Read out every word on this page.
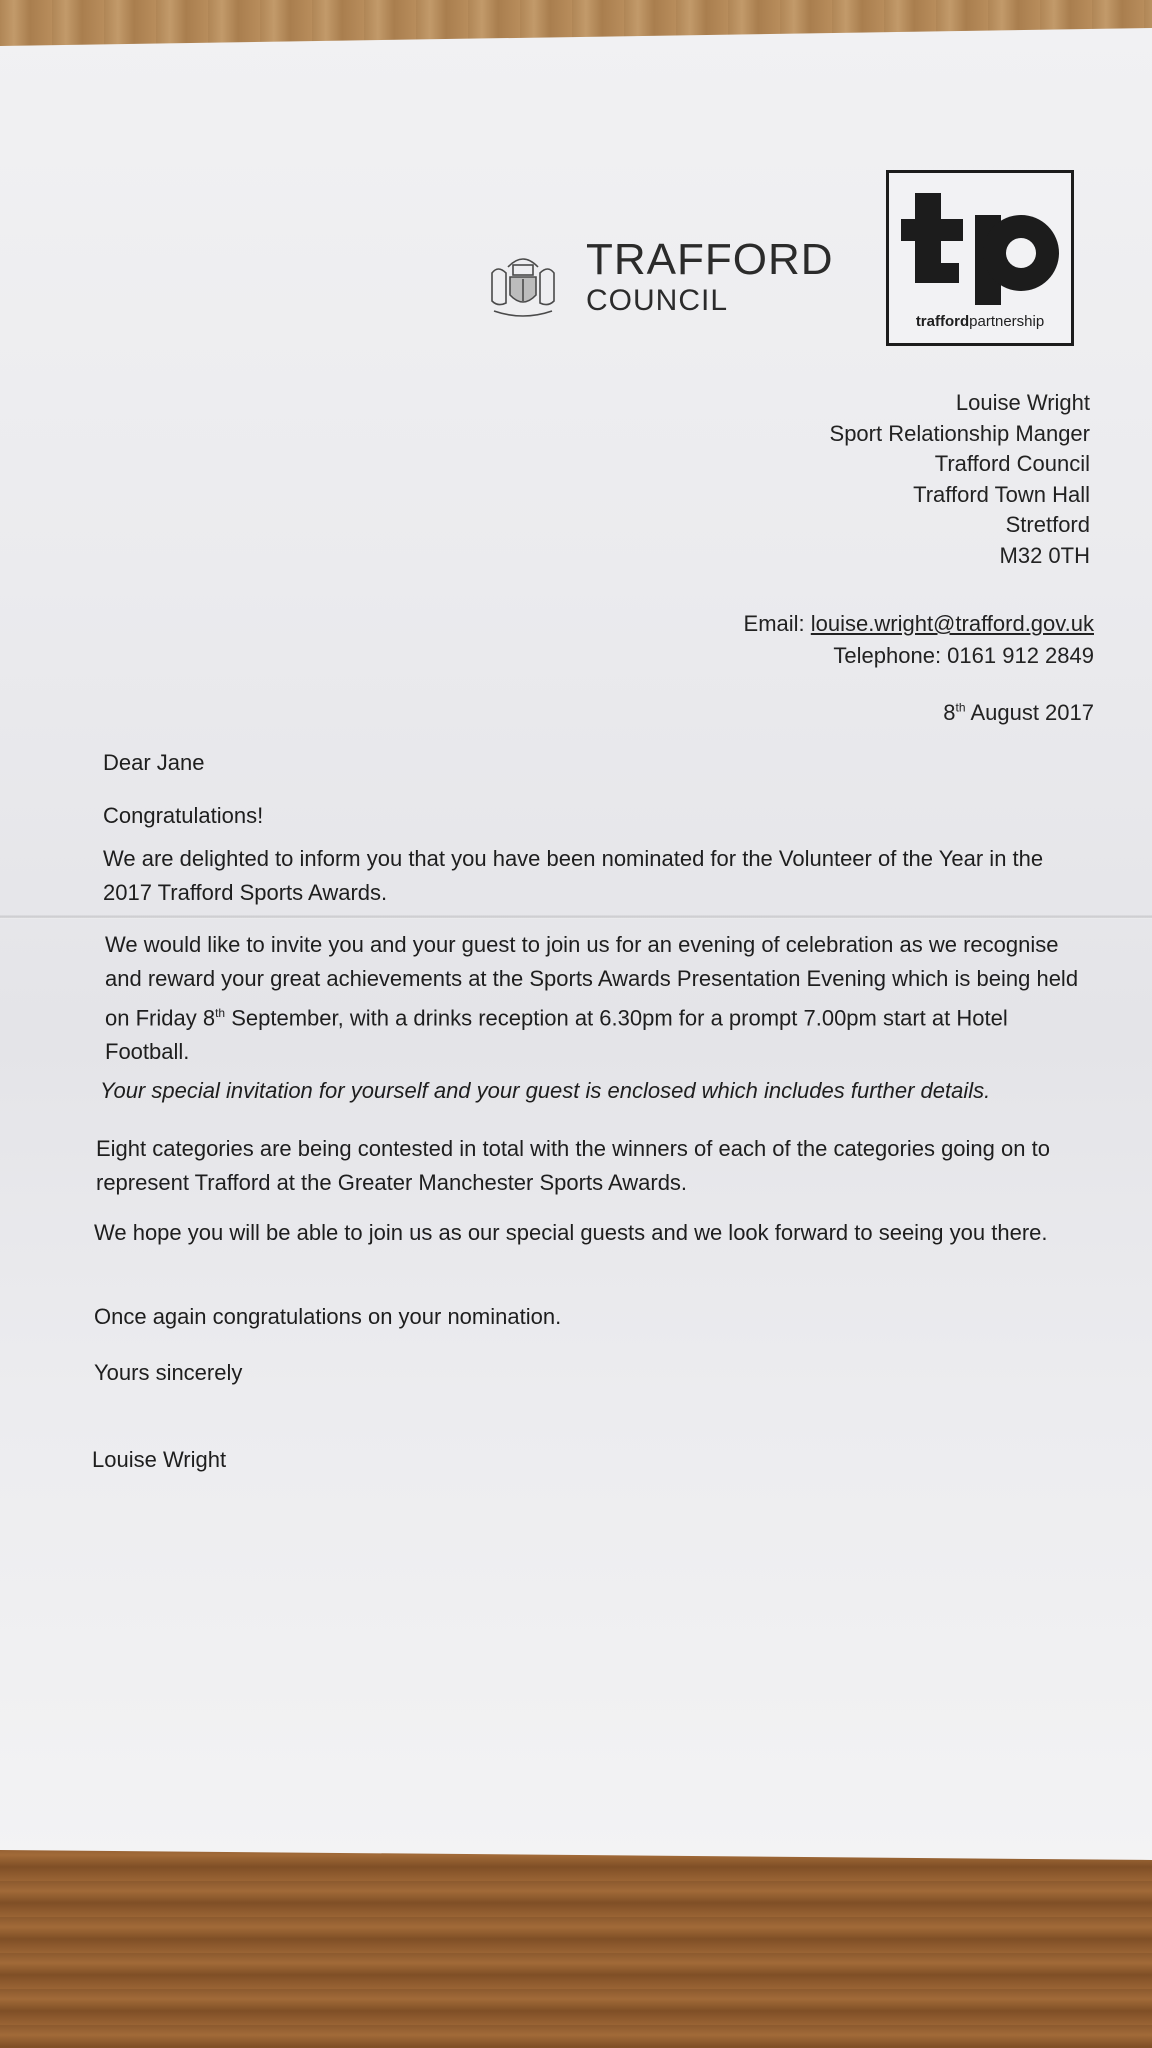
TRAFFORD
COUNCIL
traffordpartnership
Louise Wright
Sport Relationship Manger
Trafford Council
Trafford Town Hall
Stretford
M32 0TH
Email: louise.wright@trafford.gov.uk
Telephone: 0161 912 2849
8th August 2017
Dear Jane
Congratulations!
We are delighted to inform you that you have been nominated for the Volunteer of the Year in the 2017 Trafford Sports Awards.
We would like to invite you and your guest to join us for an evening of celebration as we recognise and reward your great achievements at the Sports Awards Presentation Evening which is being held on Friday 8th September, with a drinks reception at 6.30pm for a prompt 7.00pm start at Hotel Football.
Your special invitation for yourself and your guest is enclosed which includes further details.
Eight categories are being contested in total with the winners of each of the categories going on to represent Trafford at the Greater Manchester Sports Awards.
We hope you will be able to join us as our special guests and we look forward to seeing you there.
Once again congratulations on your nomination.
Yours sincerely
Louise Wright
